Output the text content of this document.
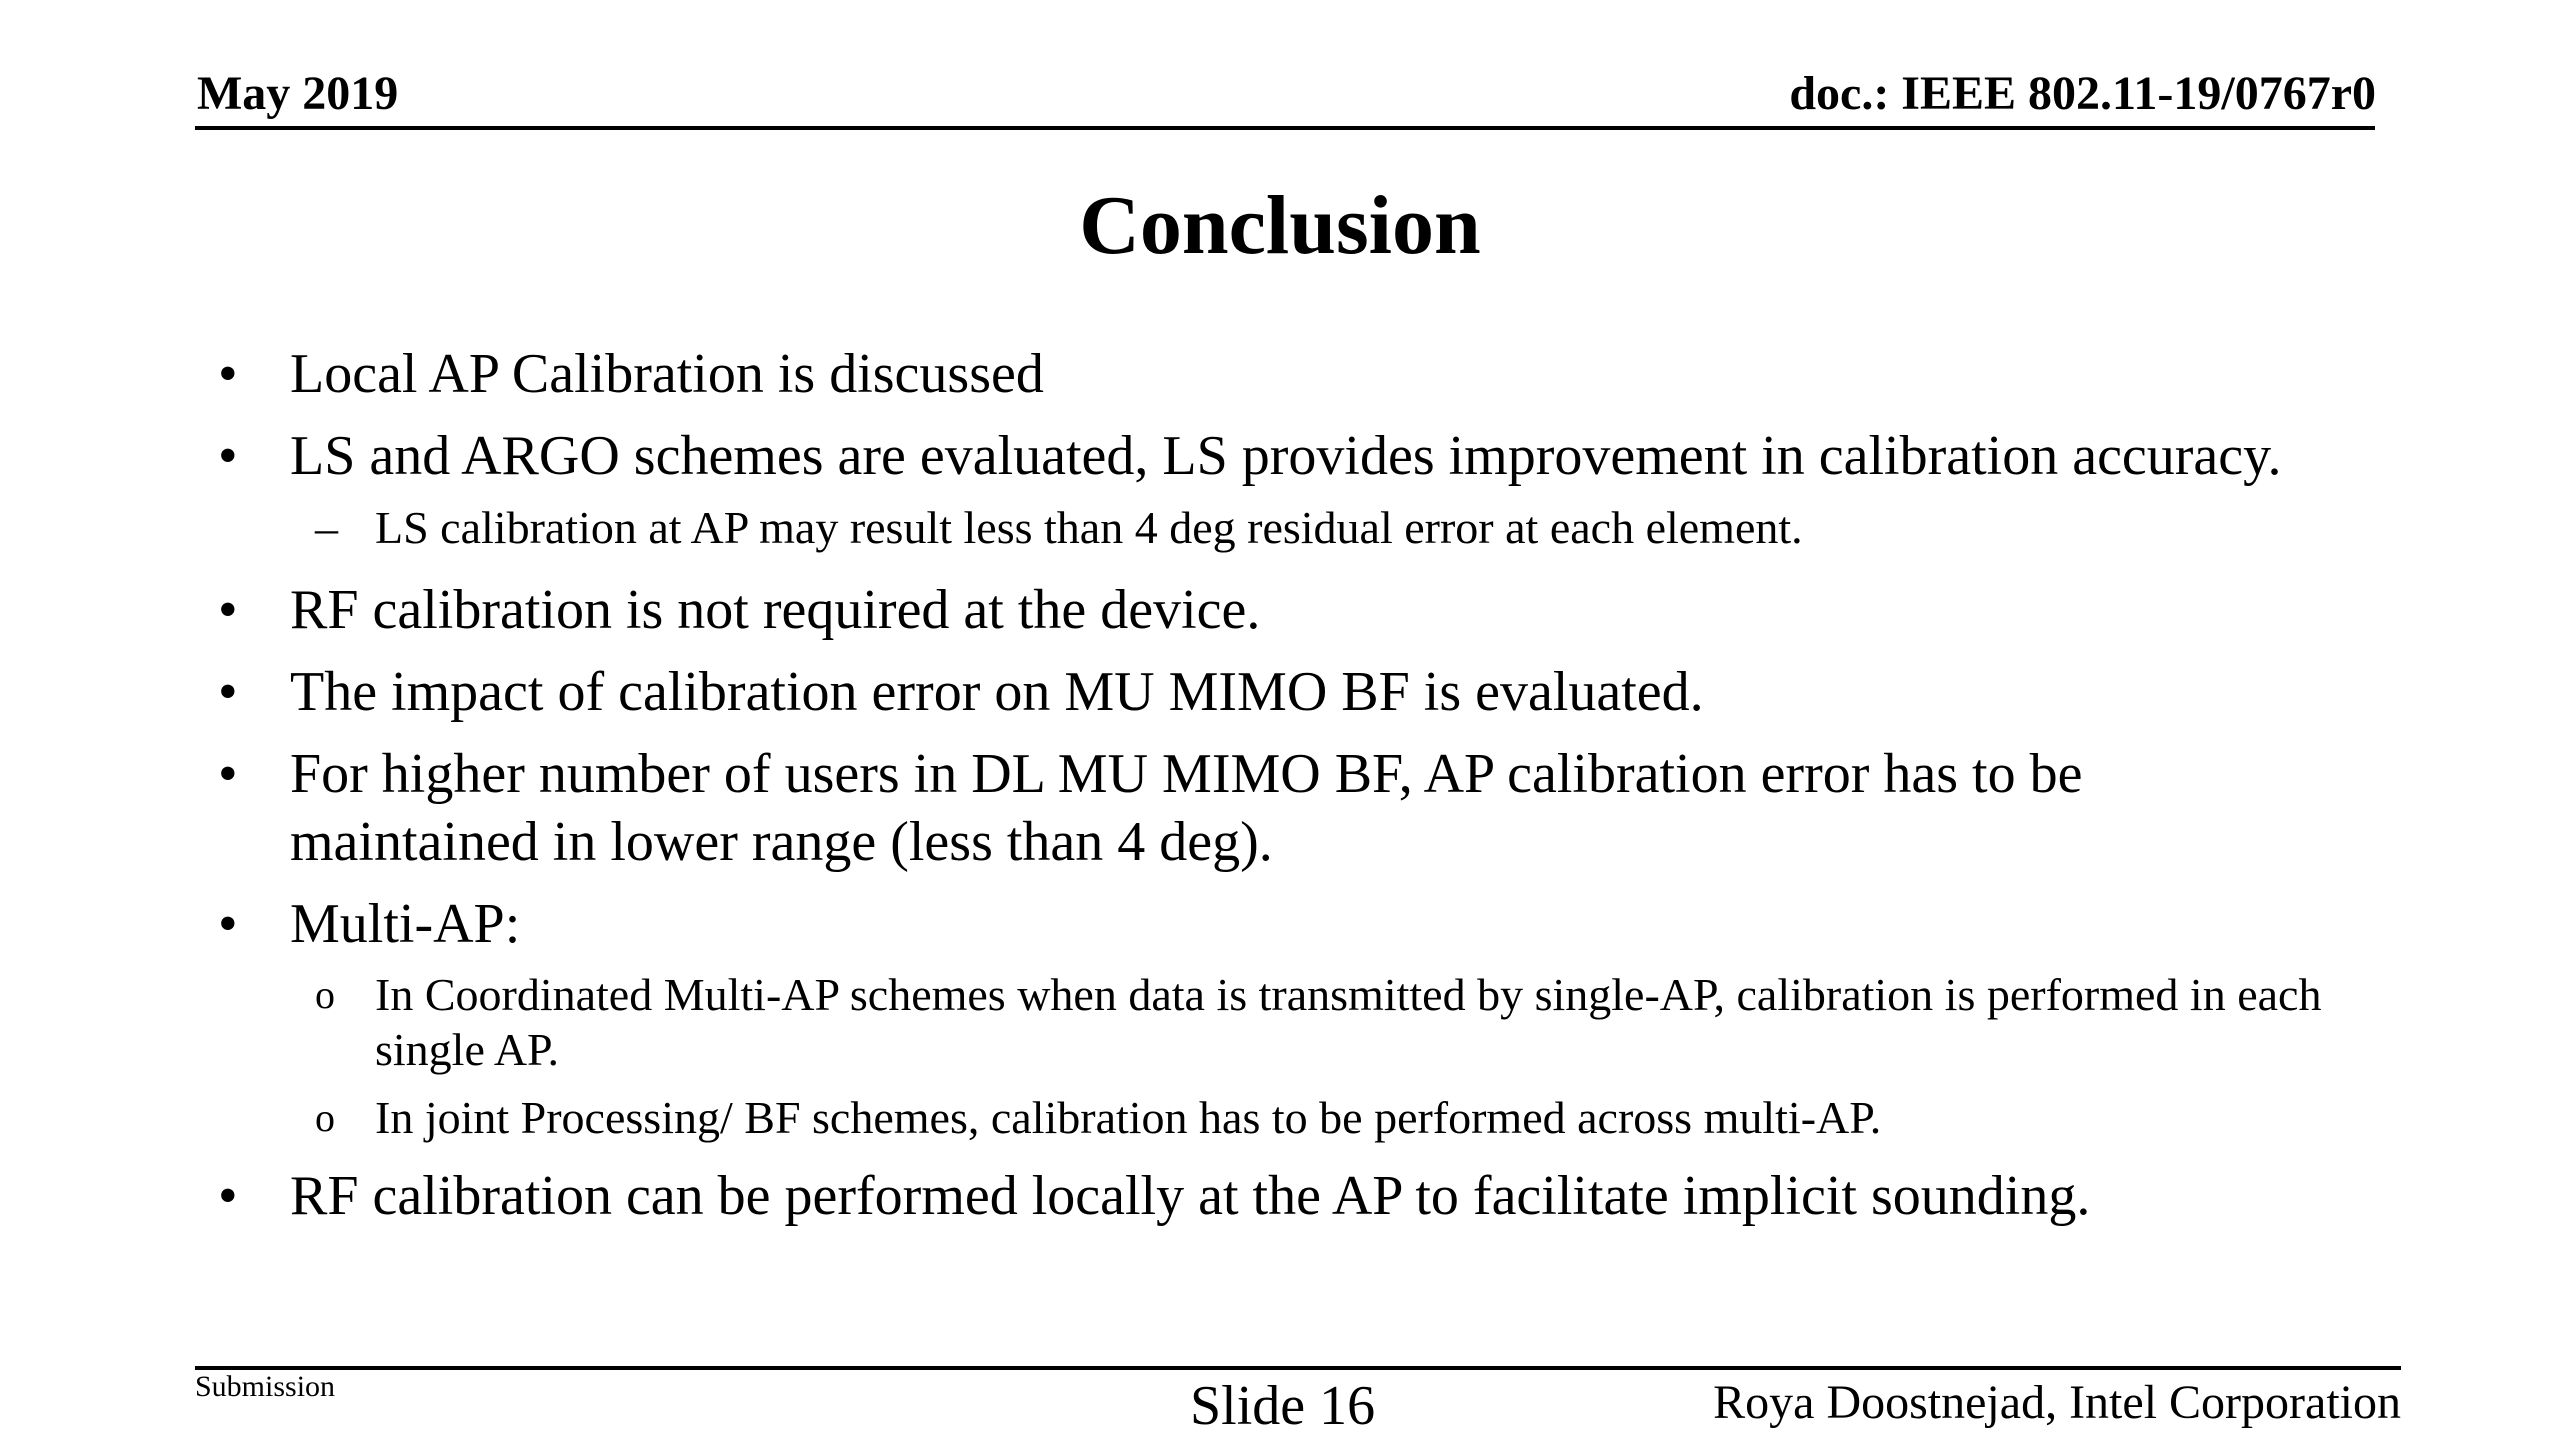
May 2019	doc.: IEEE 802.11-19/0767r0
Conclusion
• Local AP Calibration is discussed
• LS and ARGO schemes are evaluated, LS provides improvement in calibration accuracy.
– LS calibration at AP may result less than 4 deg residual error at each element.
• RF calibration is not required at the device.
• The impact of calibration error on MU MIMO BF is evaluated.
• For higher number of users in DL MU MIMO BF, AP calibration error has to be
maintained in lower range (less than 4 deg).
• Multi-AP:
o In Coordinated Multi-AP schemes when data is transmitted by single-AP, calibration is performed in each
single AP.
o In joint Processing/ BF schemes, calibration has to be performed across multi-AP.
• RF calibration can be performed locally at the AP to facilitate implicit sounding.
Submission	Slide 16	Roya Doostnejad, Intel Corporation
